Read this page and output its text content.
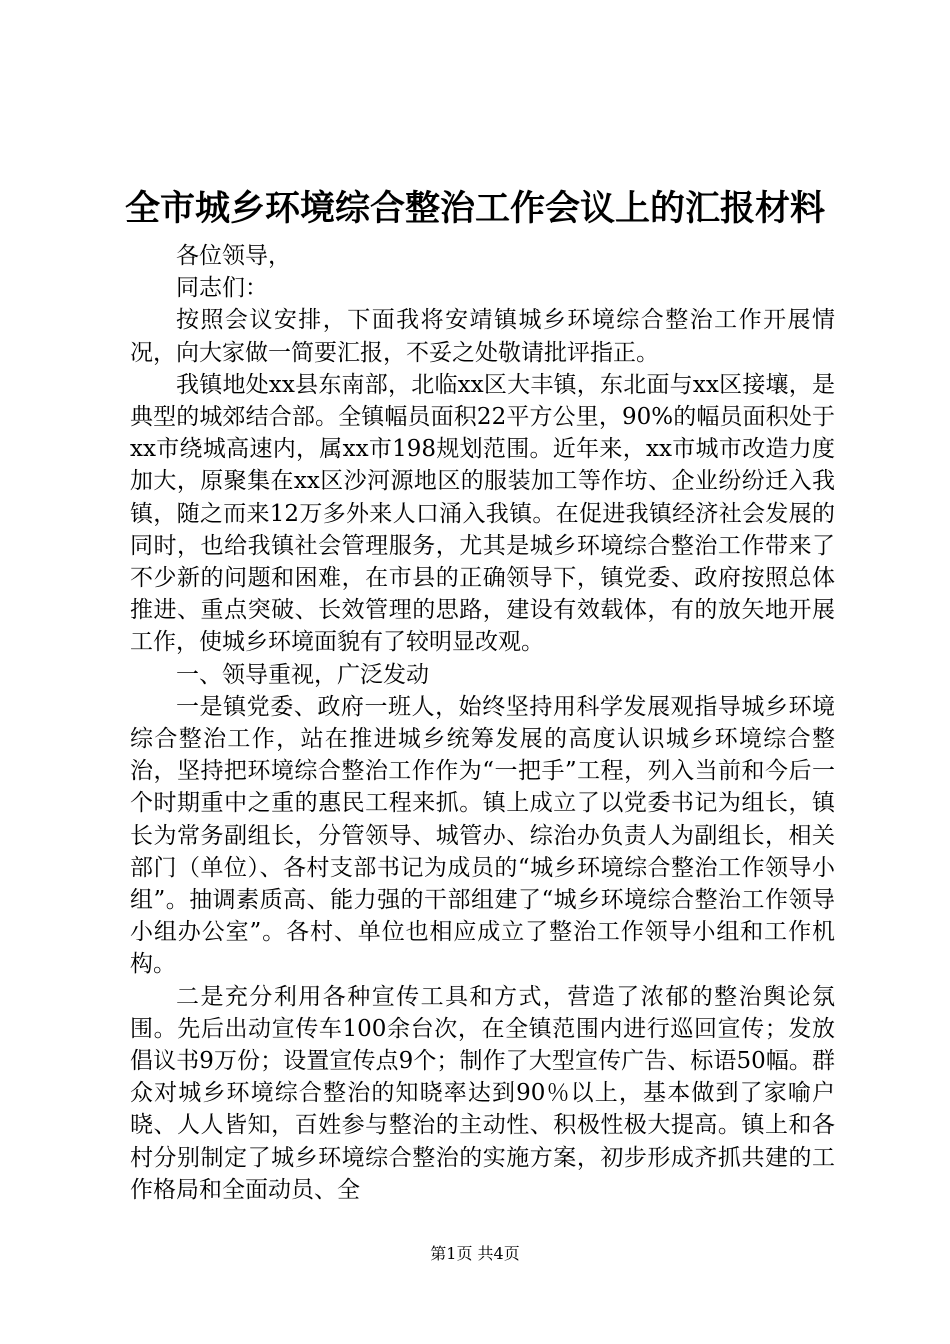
全市城乡环境综合整治工作会议上的汇报材料

各位领导，

同志们：

按照会议安排，下面我将安靖镇城乡环境综合整治工作开展情况，向大家做一简要汇报，不妥之处敬请批评指正。

我镇地处xx县东南部，北临xx区大丰镇，东北面与xx区接壤，是典型的城郊结合部。全镇幅员面积22平方公里，90%的幅员面积处于xx市绕城高速内，属xx市198规划范围。近年来，xx市城市改造力度加大，原聚集在xx区沙河源地区的服装加工等作坊、企业纷纷迁入我镇，随之而来12万多外来人口涌入我镇。在促进我镇经济社会发展的同时，也给我镇社会管理服务，尤其是城乡环境综合整治工作带来了不少新的问题和困难，在市县的正确领导下，镇党委、政府按照总体推进、重点突破、长效管理的思路，建设有效载体，有的放矢地开展工作，使城乡环境面貌有了较明显改观。

一、领导重视，广泛发动

一是镇党委、政府一班人，始终坚持用科学发展观指导城乡环境综合整治工作，站在推进城乡统筹发展的高度认识城乡环境综合整治，坚持把环境综合整治工作作为“一把手”工程，列入当前和今后一个时期重中之重的惠民工程来抓。镇上成立了以党委书记为组长，镇长为常务副组长，分管领导、城管办、综治办负责人为副组长，相关部门（单位）、各村支部书记为成员的“城乡环境综合整治工作领导小组”。抽调素质高、能力强的干部组建了“城乡环境综合整治工作领导小组办公室”。各村、单位也相应成立了整治工作领导小组和工作机构。

二是充分利用各种宣传工具和方式，营造了浓郁的整治舆论氛围。先后出动宣传车100余台次，在全镇范围内进行巡回宣传；发放倡议书9万份；设置宣传点9个；制作了大型宣传广告、标语50幅。群众对城乡环境综合整治的知晓率达到90％以上，基本做到了家喻户晓、人人皆知，百姓参与整治的主动性、积极性极大提高。镇上和各村分别制定了城乡环境综合整治的实施方案，初步形成齐抓共建的工作格局和全面动员、全

第1页 共4页
